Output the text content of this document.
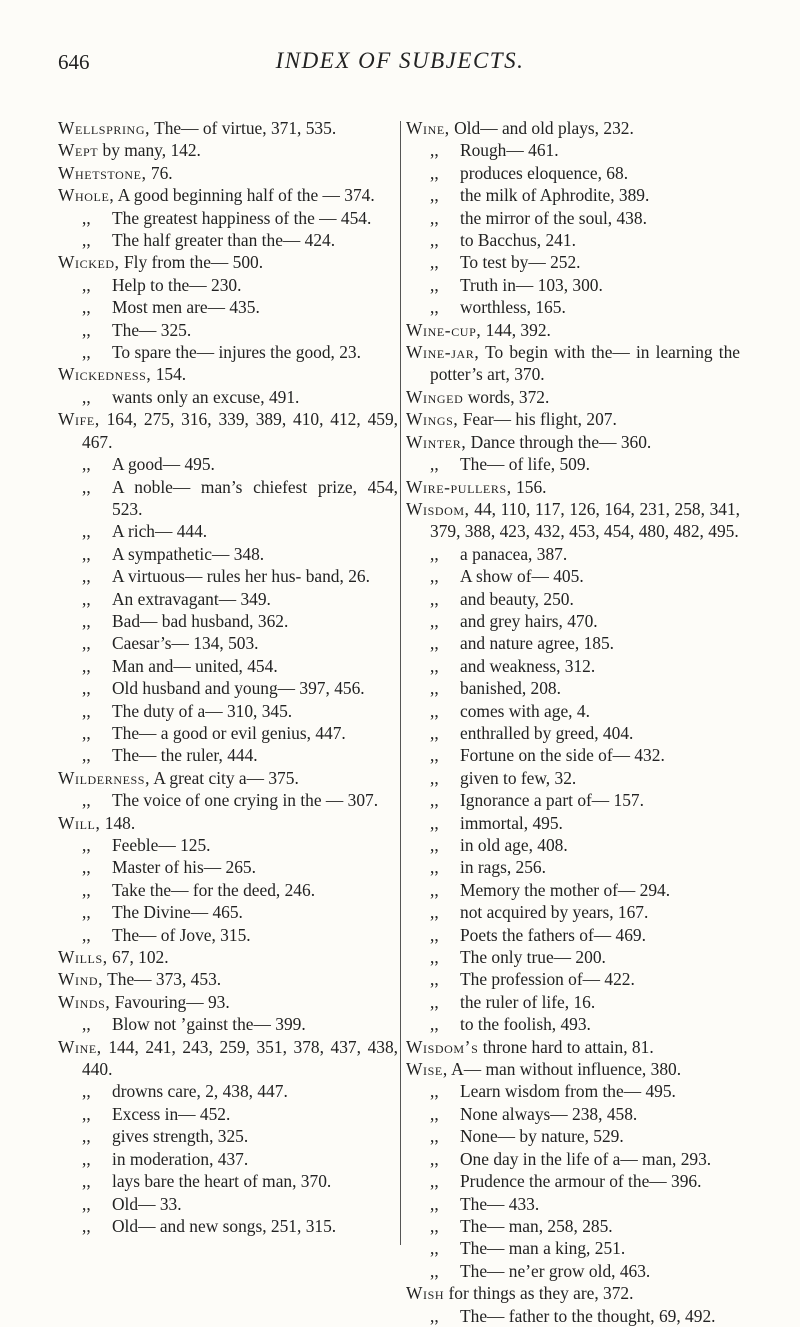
646	INDEX OF SUBJECTS.

Wellspring, The— of virtue, 371, 535.

Wept by many, 142.

Whetstone, 76.

Whole, A good beginning half of the — 374.

,, The greatest happiness of the — 454.

,, The half greater than the— 424.

Wicked, Fly from the— 500.

,, Help to the— 230.

,, Most men are— 435.

,, The— 325.

,, To spare the— injures the good, 23.

Wickedness, 154.

,, wants only an excuse, 491.

Wife, 164, 275, 316, 339, 389, 410, 412, 459, 467.

,, A good— 495.

,, A noble— man’s chiefest prize, 454, 523.

,, A rich— 444.

,, A sympathetic— 348.

,, A virtuous— rules her hus- band, 26.

,, An extravagant— 349.

,, Bad— bad husband, 362.

,, Caesar’s— 134, 503.

,, Man and— united, 454.

,, Old husband and young— 397, 456.

,, The duty of a— 310, 345.

,, The— a good or evil genius, 447.

,, The— the ruler, 444.

Wilderness, A great city a— 375.

,, The voice of one crying in the — 307.

Will, 148.

,, Feeble— 125.

,, Master of his— 265.

,, Take the— for the deed, 246.

,, The Divine— 465.

,, The— of Jove, 315.

Wills, 67, 102.

Wind, The— 373, 453.

Winds, Favouring— 93.

,, Blow not ’gainst the— 399.

Wine, 144, 241, 243, 259, 351, 378, 437, 438, 440.

,, drowns care, 2, 438, 447.

,, Excess in— 452.

,, gives strength, 325.

,, in moderation, 437.

,, lays bare the heart of man, 370.

,, Old— 33.

,, Old— and new songs, 251, 315.

Wine, Old— and old plays, 232.

,, Rough— 461.

,, produces eloquence, 68.

,, the milk of Aphrodite, 389.

,, the mirror of the soul, 438.

,, to Bacchus, 241.

,, To test by— 252.

,, Truth in— 103, 300.

,, worthless, 165.

Wine-cup, 144, 392.

Wine-jar, To begin with the— in learning the potter’s art, 370.

Winged words, 372.

Wings, Fear— his flight, 207.

Winter, Dance through the— 360.

,, The— of life, 509.

Wire-pullers, 156.

Wisdom, 44, 110, 117, 126, 164, 231, 258, 341, 379, 388, 423, 432, 453, 454, 480, 482, 495.

,, a panacea, 387.

,, A show of— 405.

,, and beauty, 250.

,, and grey hairs, 470.

,, and nature agree, 185.

,, and weakness, 312.

,, banished, 208.

,, comes with age, 4.

,, enthralled by greed, 404.

,, Fortune on the side of— 432.

,, given to few, 32.

,, Ignorance a part of— 157.

,, immortal, 495.

,, in old age, 408.

,, in rags, 256.

,, Memory the mother of— 294.

,, not acquired by years, 167.

,, Poets the fathers of— 469.

,, The only true— 200.

,, The profession of— 422.

,, the ruler of life, 16.

,, to the foolish, 493.

Wisdom’s throne hard to attain, 81.

Wise, A— man without influence, 380.

,, Learn wisdom from the— 495.

,, None always— 238, 458.

,, None— by nature, 529.

,, One day in the life of a— man, 293.

,, Prudence the armour of the— 396.

,, The— 433.

,, The— man, 258, 285.

,, The— man a king, 251.

,, The— ne’er grow old, 463.

Wish for things as they are, 372.

,, The— father to the thought, 69, 492.
